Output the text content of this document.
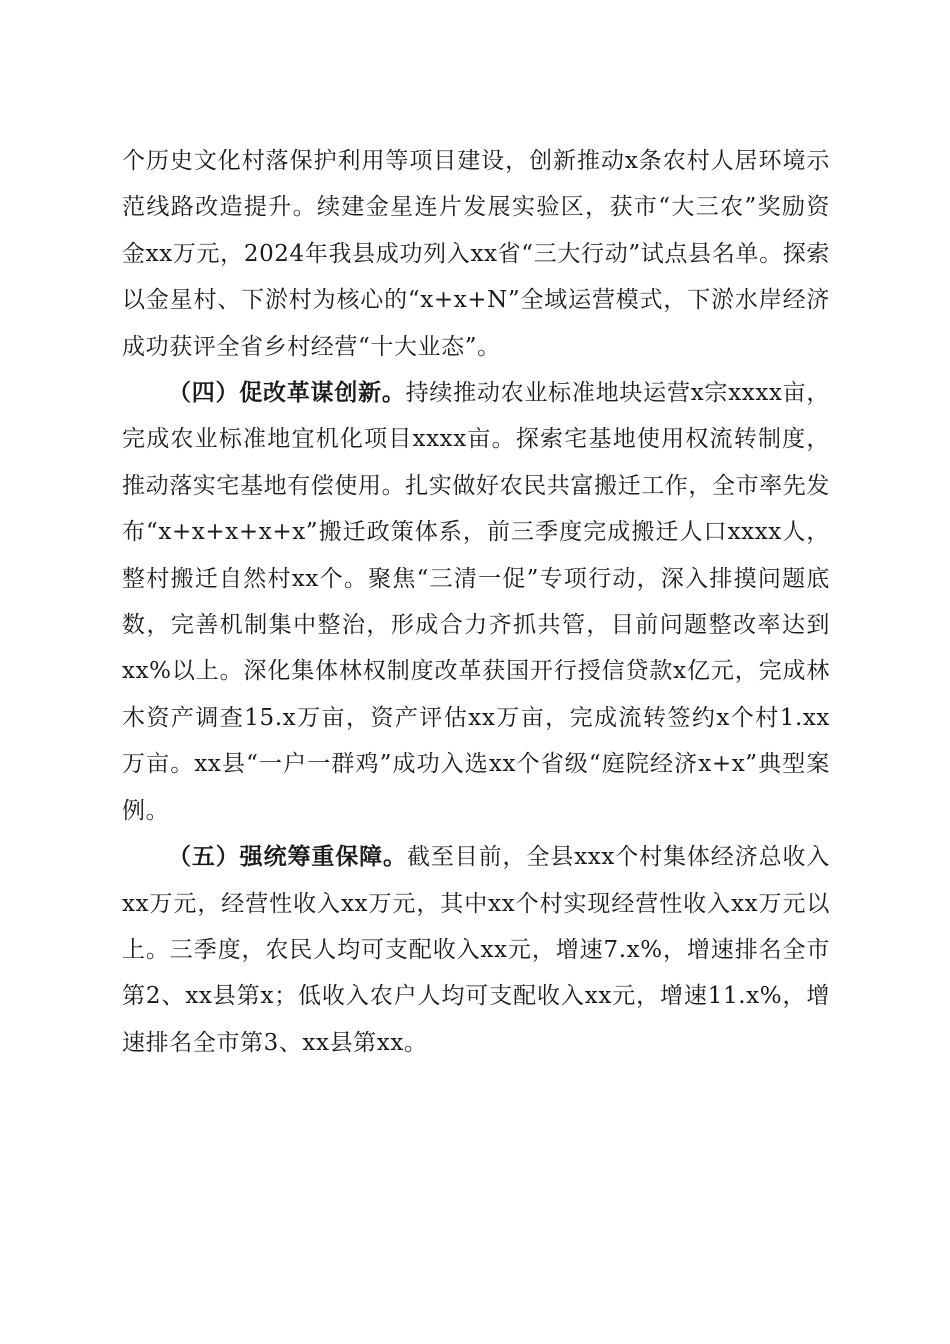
个历史文化村落保护利用等项目建设，创新推动x条农村人居环境示范线路改造提升。续建金星连片发展实验区，获市“大三农”奖励资金xx万元，2024年我县成功列入xx省“三大行动”试点县名单。探索以金星村、下淤村为核心的“x+x+N”全域运营模式，下淤水岸经济成功获评全省乡村经营“十大业态”。

（四）促改革谋创新。持续推动农业标准地块运营x宗xxxx亩，完成农业标准地宜机化项目xxxx亩。探索宅基地使用权流转制度，推动落实宅基地有偿使用。扎实做好农民共富搬迁工作，全市率先发布“x+x+x+x+x”搬迁政策体系，前三季度完成搬迁人口xxxx人，整村搬迁自然村xx个。聚焦“三清一促”专项行动，深入排摸问题底数，完善机制集中整治，形成合力齐抓共管，目前问题整改率达到xx%以上。深化集体林权制度改革获国开行授信贷款x亿元，完成林木资产调查15.x万亩，资产评估xx万亩，完成流转签约x个村1.xx万亩。xx县“一户一群鸡”成功入选xx个省级“庭院经济x+x”典型案例。

（五）强统筹重保障。截至目前，全县xxx个村集体经济总收入xx万元，经营性收入xx万元，其中xx个村实现经营性收入xx万元以上。三季度，农民人均可支配收入xx元，增速7.x%，增速排名全市第2、xx县第x；低收入农户人均可支配收入xx元，增速11.x%，增速排名全市第3、xx县第xx。
